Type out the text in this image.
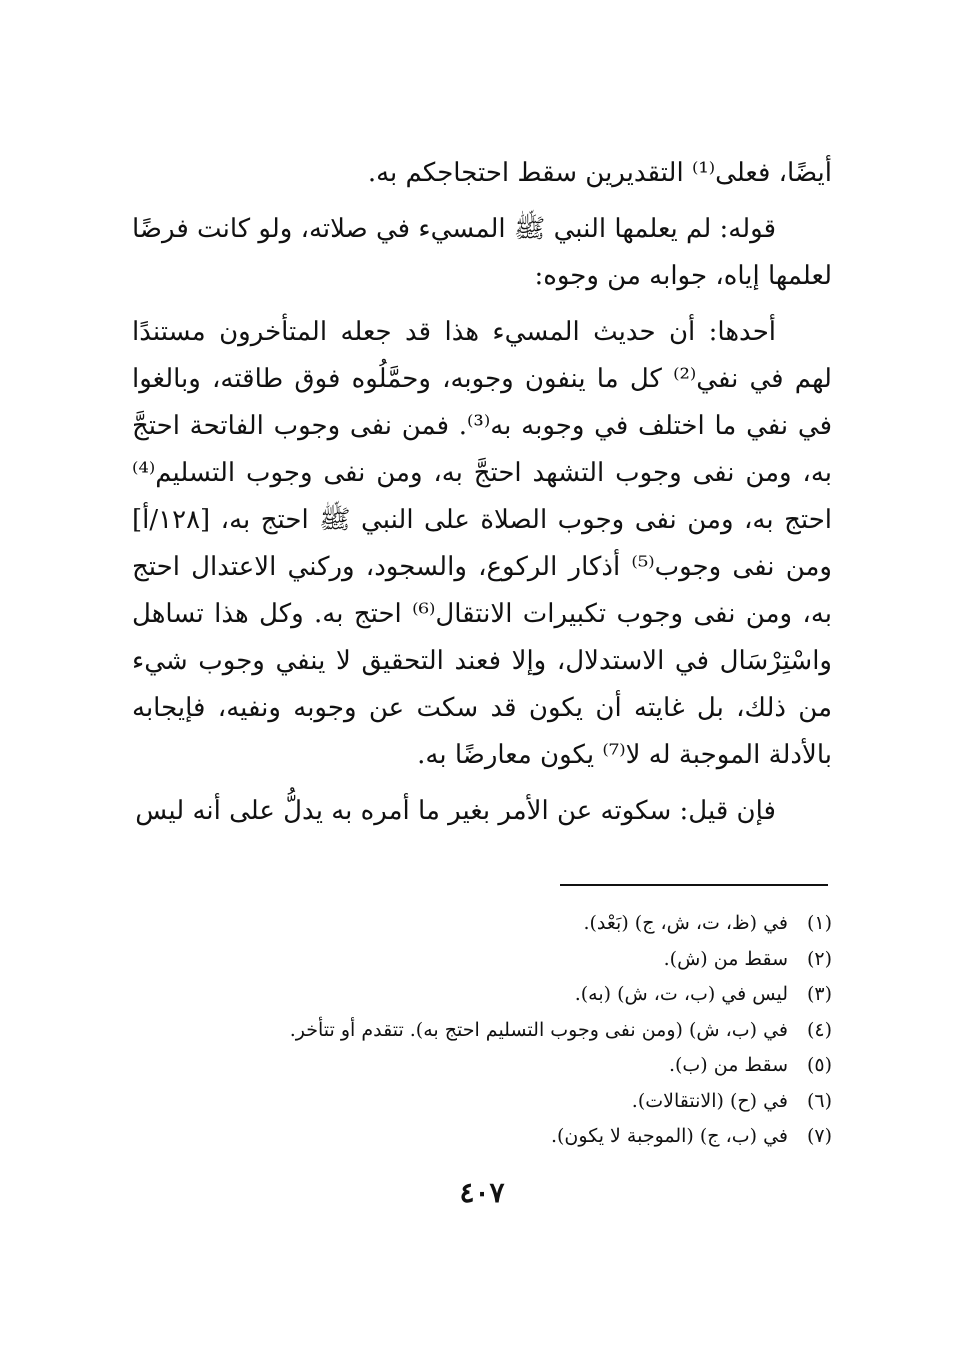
أيضًا، فعلى⁽¹⁾ التقديرين سقط احتجاجكم به.

قوله: لم يعلمها النبي ﷺ المسيء في صلاته، ولو كانت فرضًا لعلمها إياه، جوابه من وجوه:

أحدها: أن حديث المسيء هذا قد جعله المتأخرون مستندًا لهم في نفي⁽²⁾ كل ما ينفون وجوبه، وحمَّلُوه فوق طاقته، وبالغوا في نفي ما اختلف في وجوبه به⁽³⁾. فمن نفى وجوب الفاتحة احتجَّ به، ومن نفى وجوب التشهد احتجَّ به، ومن نفى وجوب التسليم⁽⁴⁾ احتج به، ومن نفى وجوب الصلاة على النبي ﷺ احتج به، [١٢٨/أ] ومن نفى وجوب⁽⁵⁾ أذكار الركوع، والسجود، وركني الاعتدال احتج به، ومن نفى وجوب تكبيرات الانتقال⁽⁶⁾ احتج به. وكل هذا تساهل واسْتِرْسَال في الاستدلال، وإلا فعند التحقيق لا ينفي وجوب شيء من ذلك، بل غايته أن يكون قد سكت عن وجوبه ونفيه، فإيجابه بالأدلة الموجبة له لا⁽⁷⁾ يكون معارضًا به.

فإن قيل: سكوته عن الأمر بغير ما أمره به يدلُّ على أنه ليس

(١)
في (ظ، ت، ش، ج) (بَعْد).
(٢)
سقط من (ش).
(٣)
ليس في (ب، ت، ش) (به).
(٤)
في (ب، ش) (ومن نفى وجوب التسليم احتج به). تتقدم أو تتأخر.
(٥)
سقط من (ب).
(٦)
في (ح) (الانتقالات).
(٧)
في (ب، ج) (الموجبة لا يكون).
٤٠٧
